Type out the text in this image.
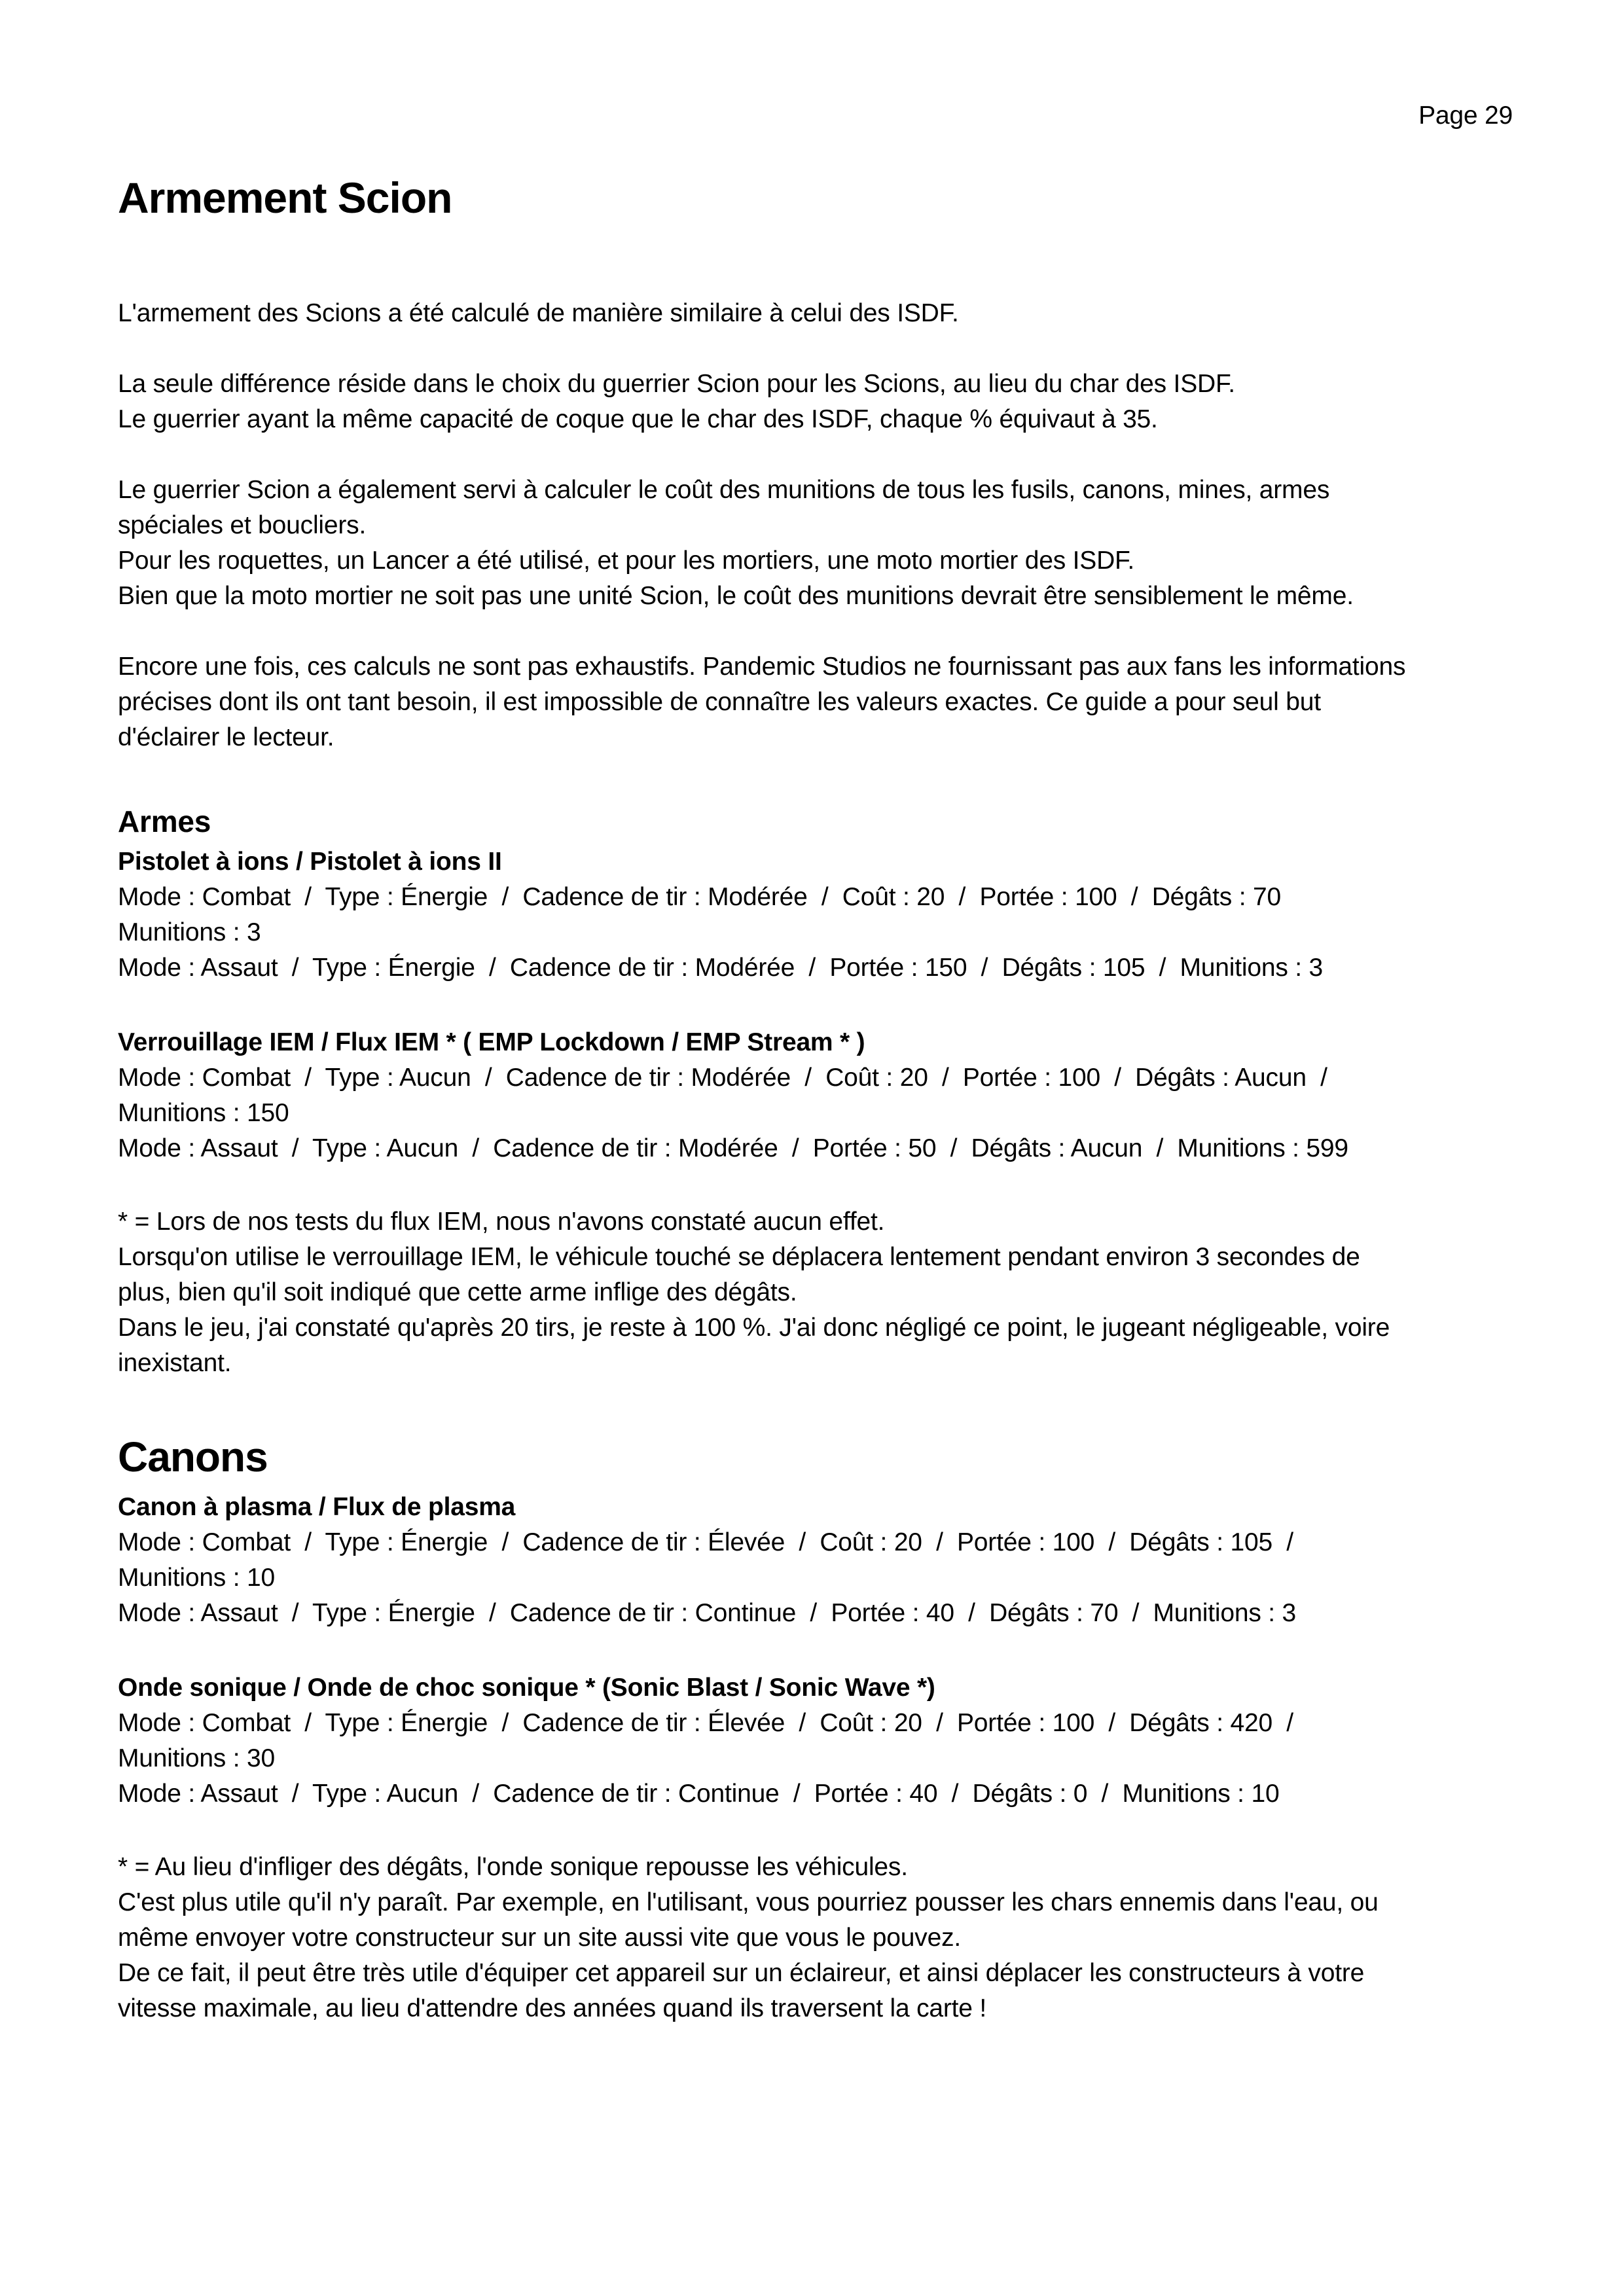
Page 29
Armement Scion

L'armement des Scions a été calculé de manière similaire à celui des ISDF.

La seule différence réside dans le choix du guerrier Scion pour les Scions, au lieu du char des ISDF.
Le guerrier ayant la même capacité de coque que le char des ISDF, chaque % équivaut à 35.

Le guerrier Scion a également servi à calculer le coût des munitions de tous les fusils, canons, mines, armes
spéciales et boucliers.
Pour les roquettes, un Lancer a été utilisé, et pour les mortiers, une moto mortier des ISDF.
Bien que la moto mortier ne soit pas une unité Scion, le coût des munitions devrait être sensiblement le même.

Encore une fois, ces calculs ne sont pas exhaustifs. Pandemic Studios ne fournissant pas aux fans les informations
précises dont ils ont tant besoin, il est impossible de connaître les valeurs exactes. Ce guide a pour seul but
d'éclairer le lecteur.

Armes
Pistolet à ions / Pistolet à ions II
Mode : Combat  /  Type : Énergie  /  Cadence de tir : Modérée  /  Coût : 20  /  Portée : 100  /  Dégâts : 70
Munitions : 3
Mode : Assaut  /  Type : Énergie  /  Cadence de tir : Modérée  /  Portée : 150  /  Dégâts : 105  /  Munitions : 3
Verrouillage IEM / Flux IEM * ( EMP Lockdown / EMP Stream * )
Mode : Combat  /  Type : Aucun  /  Cadence de tir : Modérée  /  Coût : 20  /  Portée : 100  /  Dégâts : Aucun  /
Munitions : 150
Mode : Assaut  /  Type : Aucun  /  Cadence de tir : Modérée  /  Portée : 50  /  Dégâts : Aucun  /  Munitions : 599

* = Lors de nos tests du flux IEM, nous n'avons constaté aucun effet.
Lorsqu'on utilise le verrouillage IEM, le véhicule touché se déplacera lentement pendant environ 3 secondes de
plus, bien qu'il soit indiqué que cette arme inflige des dégâts.
Dans le jeu, j'ai constaté qu'après 20 tirs, je reste à 100 %. J'ai donc négligé ce point, le jugeant négligeable, voire
inexistant.

Canons
Canon à plasma / Flux de plasma
Mode : Combat  /  Type : Énergie  /  Cadence de tir : Élevée  /  Coût : 20  /  Portée : 100  /  Dégâts : 105  /
Munitions : 10
Mode : Assaut  /  Type : Énergie  /  Cadence de tir : Continue  /  Portée : 40  /  Dégâts : 70  /  Munitions : 3
Onde sonique / Onde de choc sonique * (Sonic Blast / Sonic Wave *)
Mode : Combat  /  Type : Énergie  /  Cadence de tir : Élevée  /  Coût : 20  /  Portée : 100  /  Dégâts : 420  /
Munitions : 30
Mode : Assaut  /  Type : Aucun  /  Cadence de tir : Continue  /  Portée : 40  /  Dégâts : 0  /  Munitions : 10

* = Au lieu d'infliger des dégâts, l'onde sonique repousse les véhicules.
C'est plus utile qu'il n'y paraît. Par exemple, en l'utilisant, vous pourriez pousser les chars ennemis dans l'eau, ou
même envoyer votre constructeur sur un site aussi vite que vous le pouvez.
De ce fait, il peut être très utile d'équiper cet appareil sur un éclaireur, et ainsi déplacer les constructeurs à votre
vitesse maximale, au lieu d'attendre des années quand ils traversent la carte !
